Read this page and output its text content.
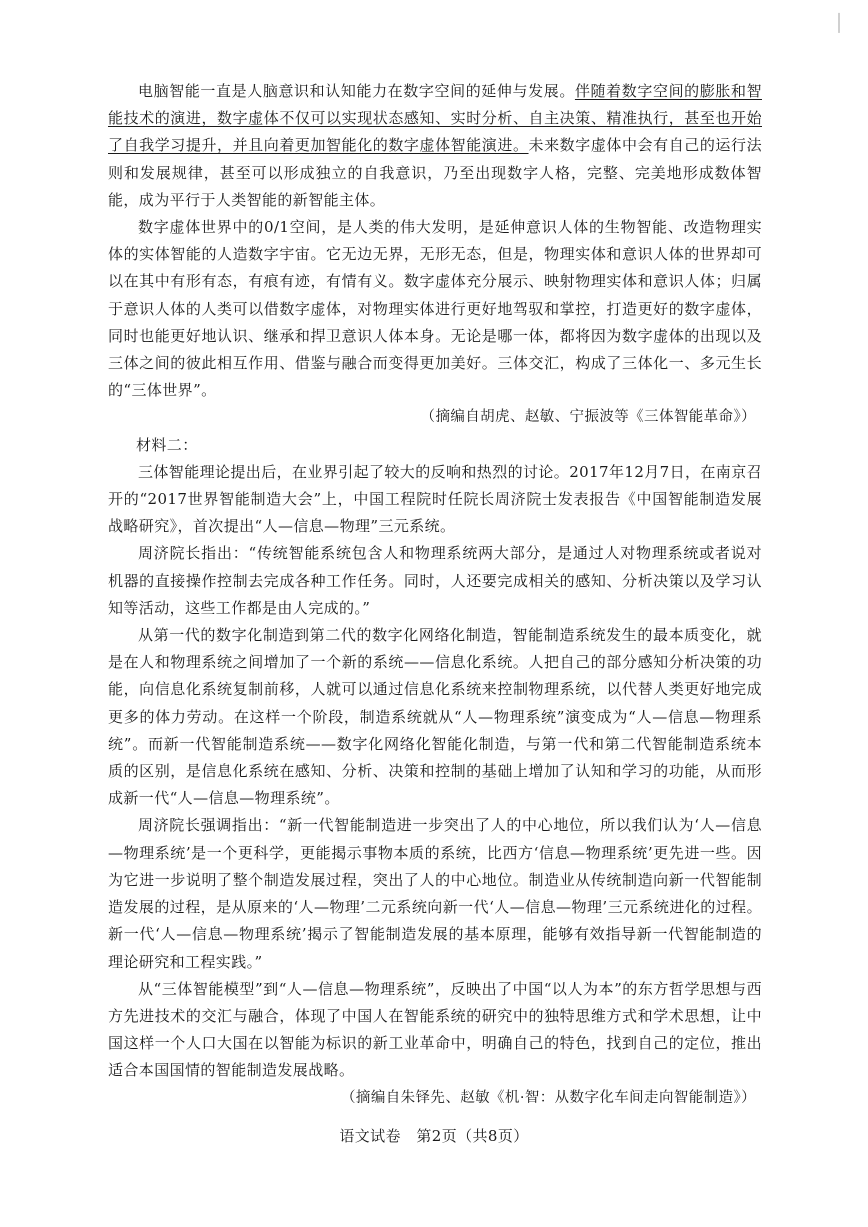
❘

电脑智能一直是人脑意识和认知能力在数字空间的延伸与发展。伴随着数字空间的膨胀和智能技术的演进，数字虚体不仅可以实现状态感知、实时分析、自主决策、精准执行，甚至也开始了自我学习提升，并且向着更加智能化的数字虚体智能演进。未来数字虚体中会有自己的运行法则和发展规律，甚至可以形成独立的自我意识，乃至出现数字人格，完整、完美地形成数体智能，成为平行于人类智能的新智能主体。

数字虚体世界中的0/1空间，是人类的伟大发明，是延伸意识人体的生物智能、改造物理实体的实体智能的人造数字宇宙。它无边无界，无形无态，但是，物理实体和意识人体的世界却可以在其中有形有态，有痕有迹，有情有义。数字虚体充分展示、映射物理实体和意识人体；归属于意识人体的人类可以借数字虚体，对物理实体进行更好地驾驭和掌控，打造更好的数字虚体，同时也能更好地认识、继承和捍卫意识人体本身。无论是哪一体，都将因为数字虚体的出现以及三体之间的彼此相互作用、借鉴与融合而变得更加美好。三体交汇，构成了三体化一、多元生长的“三体世界”。

（摘编自胡虎、赵敏、宁振波等《三体智能革命》）

材料二：

三体智能理论提出后，在业界引起了较大的反响和热烈的讨论。2017年12月7日，在南京召开的“2017世界智能制造大会”上，中国工程院时任院长周济院士发表报告《中国智能制造发展战略研究》，首次提出“人—信息—物理”三元系统。

周济院长指出：“传统智能系统包含人和物理系统两大部分，是通过人对物理系统或者说对机器的直接操作控制去完成各种工作任务。同时，人还要完成相关的感知、分析决策以及学习认知等活动，这些工作都是由人完成的。”

从第一代的数字化制造到第二代的数字化网络化制造，智能制造系统发生的最本质变化，就是在人和物理系统之间增加了一个新的系统——信息化系统。人把自己的部分感知分析决策的功能，向信息化系统复制前移，人就可以通过信息化系统来控制物理系统，以代替人类更好地完成更多的体力劳动。在这样一个阶段，制造系统就从“人—物理系统”演变成为“人—信息—物理系统”。而新一代智能制造系统——数字化网络化智能化制造，与第一代和第二代智能制造系统本质的区别，是信息化系统在感知、分析、决策和控制的基础上增加了认知和学习的功能，从而形成新一代“人—信息—物理系统”。

周济院长强调指出：“新一代智能制造进一步突出了人的中心地位，所以我们认为‘人—信息—物理系统’是一个更科学，更能揭示事物本质的系统，比西方‘信息—物理系统’更先进一些。因为它进一步说明了整个制造发展过程，突出了人的中心地位。制造业从传统制造向新一代智能制造发展的过程，是从原来的‘人—物理’二元系统向新一代‘人—信息—物理’三元系统进化的过程。新一代‘人—信息—物理系统’揭示了智能制造发展的基本原理，能够有效指导新一代智能制造的理论研究和工程实践。”

从“三体智能模型”到“人—信息—物理系统”，反映出了中国“以人为本”的东方哲学思想与西方先进技术的交汇与融合，体现了中国人在智能系统的研究中的独特思维方式和学术思想，让中国这样一个人口大国在以智能为标识的新工业革命中，明确自己的特色，找到自己的定位，推出适合本国国情的智能制造发展战略。

（摘编自朱铎先、赵敏《机·智：从数字化车间走向智能制造》）

语文试卷　第2页（共8页）
